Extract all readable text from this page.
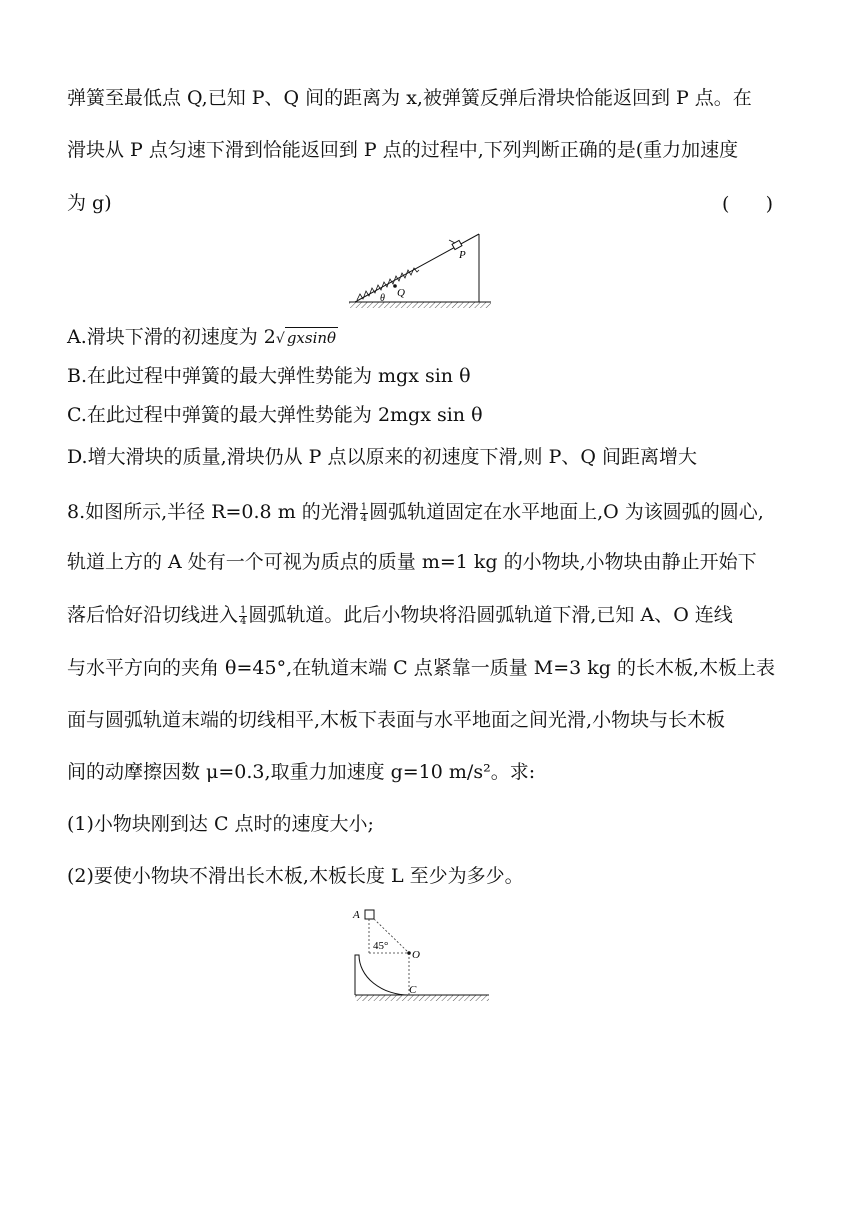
弹簧至最低点 Q,已知 P、Q 间的距离为 x,被弹簧反弹后滑块恰能返回到 P 点。在
滑块从 P 点匀速下滑到恰能返回到 P 点的过程中,下列判断正确的是(重力加速度
为 g)	(      )
P
Q
θ
A.滑块下滑的初速度为 2√ gxsinθ
B.在此过程中弹簧的最大弹性势能为 mgx sin θ
C.在此过程中弹簧的最大弹性势能为 2mgx sin θ
D.增大滑块的质量,滑块仍从 P 点以原来的初速度下滑,则 P、Q 间距离增大
8.如图所示,半径 R=0.8 m 的光滑 $\frac{1}{4}$ 圆弧轨道固定在水平地面上,O 为该圆弧的圆心,
轨道上方的 A 处有一个可视为质点的质量 m=1 kg 的小物块,小物块由静止开始下
落后恰好沿切线进入 $\frac{1}{4}$ 圆弧轨道。此后小物块将沿圆弧轨道下滑,已知 A、O 连线
与水平方向的夹角 θ=45°,在轨道末端 C 点紧靠一质量 M=3 kg 的长木板,木板上表
面与圆弧轨道末端的切线相平,木板下表面与水平地面之间光滑,小物块与长木板
间的动摩擦因数 μ=0.3,取重力加速度 g=10 m/s²。求:
(1)小物块刚到达 C 点时的速度大小;
(2)要使小物块不滑出长木板,木板长度 L 至少为多少。
A
45°
O
C
